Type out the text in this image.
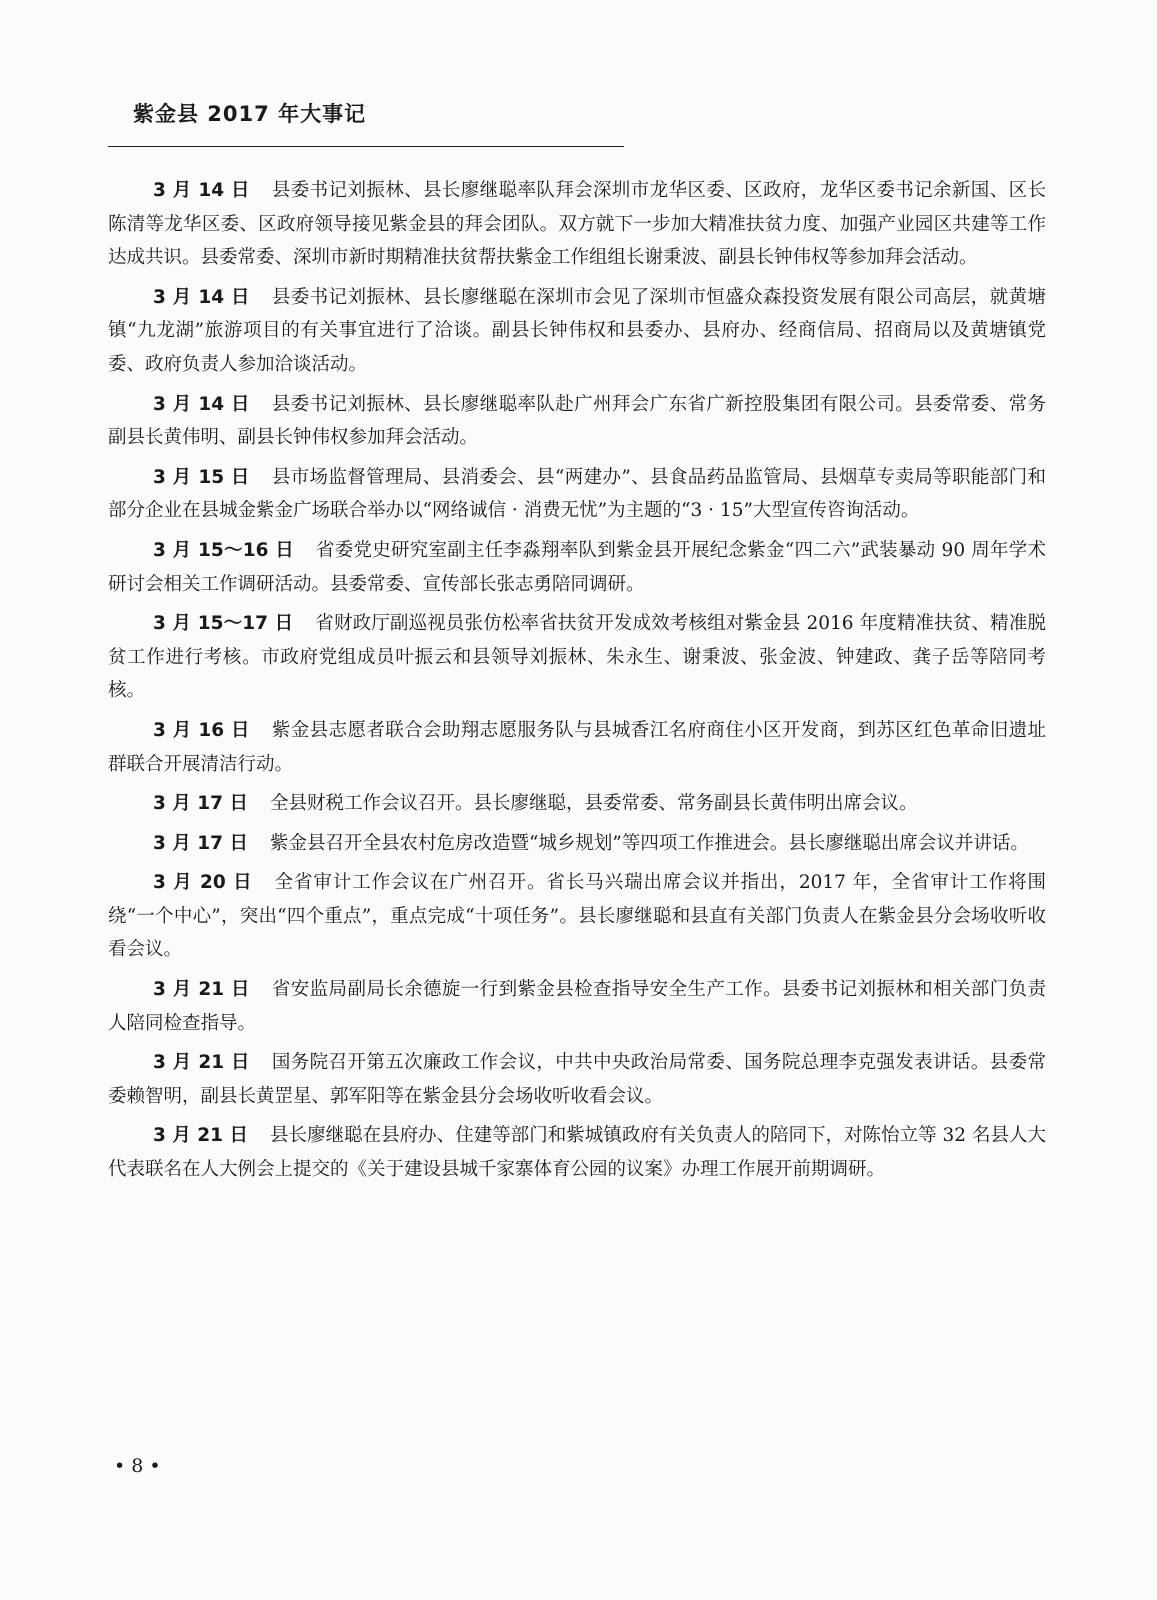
紫金县 2017 年大事记

3 月 14 日 县委书记刘振林、县长廖继聪率队拜会深圳市龙华区委、区政府，龙华区委书记余新国、区长陈清等龙华区委、区政府领导接见紫金县的拜会团队。双方就下一步加大精准扶贫力度、加强产业园区共建等工作达成共识。县委常委、深圳市新时期精准扶贫帮扶紫金工作组组长谢秉波、副县长钟伟权等参加拜会活动。

3 月 14 日 县委书记刘振林、县长廖继聪在深圳市会见了深圳市恒盛众森投资发展有限公司高层，就黄塘镇“九龙湖”旅游项目的有关事宜进行了洽谈。副县长钟伟权和县委办、县府办、经商信局、招商局以及黄塘镇党委、政府负责人参加洽谈活动。

3 月 14 日 县委书记刘振林、县长廖继聪率队赴广州拜会广东省广新控股集团有限公司。县委常委、常务副县长黄伟明、副县长钟伟权参加拜会活动。

3 月 15 日 县市场监督管理局、县消委会、县“两建办”、县食品药品监管局、县烟草专卖局等职能部门和部分企业在县城金紫金广场联合举办以“网络诚信 · 消费无忧”为主题的“3 · 15”大型宣传咨询活动。

3 月 15～16 日 省委党史研究室副主任李淼翔率队到紫金县开展纪念紫金“四二六”武装暴动 90 周年学术研讨会相关工作调研活动。县委常委、宣传部长张志勇陪同调研。

3 月 15～17 日 省财政厅副巡视员张仿松率省扶贫开发成效考核组对紫金县 2016 年度精准扶贫、精准脱贫工作进行考核。市政府党组成员叶振云和县领导刘振林、朱永生、谢秉波、张金波、钟建政、龚子岳等陪同考核。

3 月 16 日 紫金县志愿者联合会助翔志愿服务队与县城香江名府商住小区开发商，到苏区红色革命旧遗址群联合开展清洁行动。

3 月 17 日 全县财税工作会议召开。县长廖继聪，县委常委、常务副县长黄伟明出席会议。

3 月 17 日 紫金县召开全县农村危房改造暨“城乡规划”等四项工作推进会。县长廖继聪出席会议并讲话。

3 月 20 日 全省审计工作会议在广州召开。省长马兴瑞出席会议并指出，2017 年，全省审计工作将围绕“一个中心”，突出“四个重点”，重点完成“十项任务”。县长廖继聪和县直有关部门负责人在紫金县分会场收听收看会议。

3 月 21 日 省安监局副局长余德旋一行到紫金县检查指导安全生产工作。县委书记刘振林和相关部门负责人陪同检查指导。

3 月 21 日 国务院召开第五次廉政工作会议，中共中央政治局常委、国务院总理李克强发表讲话。县委常委赖智明，副县长黄罡星、郭军阳等在紫金县分会场收听收看会议。

3 月 21 日 县长廖继聪在县府办、住建等部门和紫城镇政府有关负责人的陪同下，对陈怡立等 32 名县人大代表联名在人大例会上提交的《关于建设县城千家寨体育公园的议案》办理工作展开前期调研。

• 8 •
